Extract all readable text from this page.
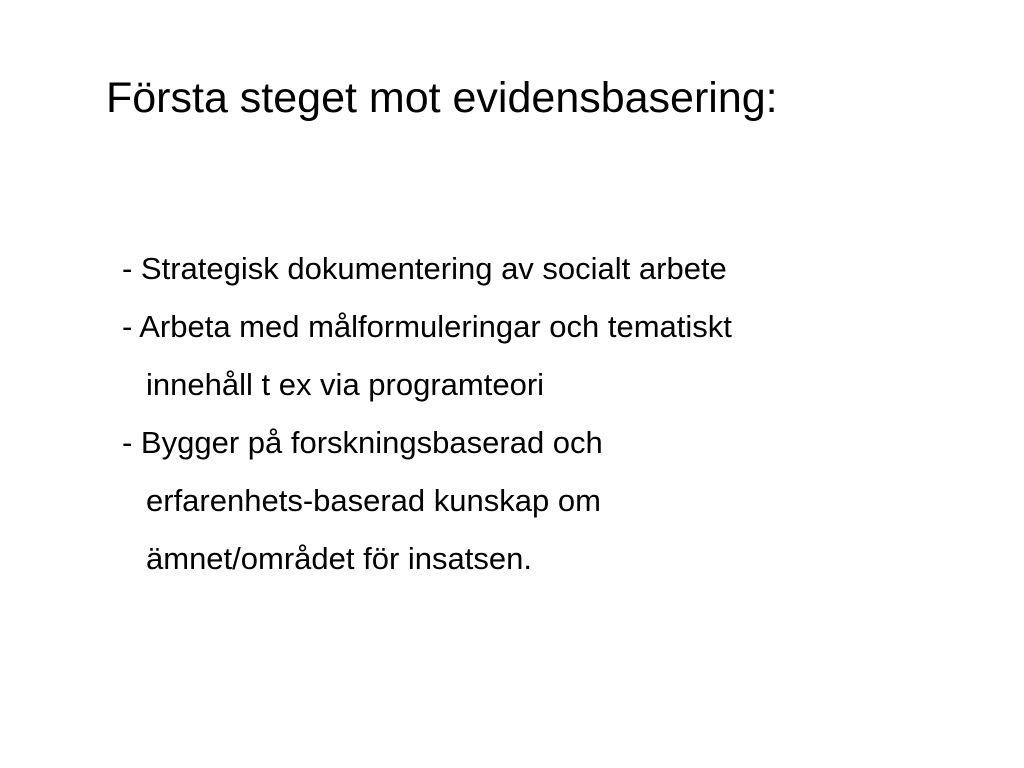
Första steget mot evidensbasering:
- Strategisk dokumentering av socialt arbete
- Arbeta med målformuleringar och tematiskt
innehåll t ex via programteori
- Bygger på forskningsbaserad och
erfarenhets-baserad kunskap om
ämnet/området för insatsen.
